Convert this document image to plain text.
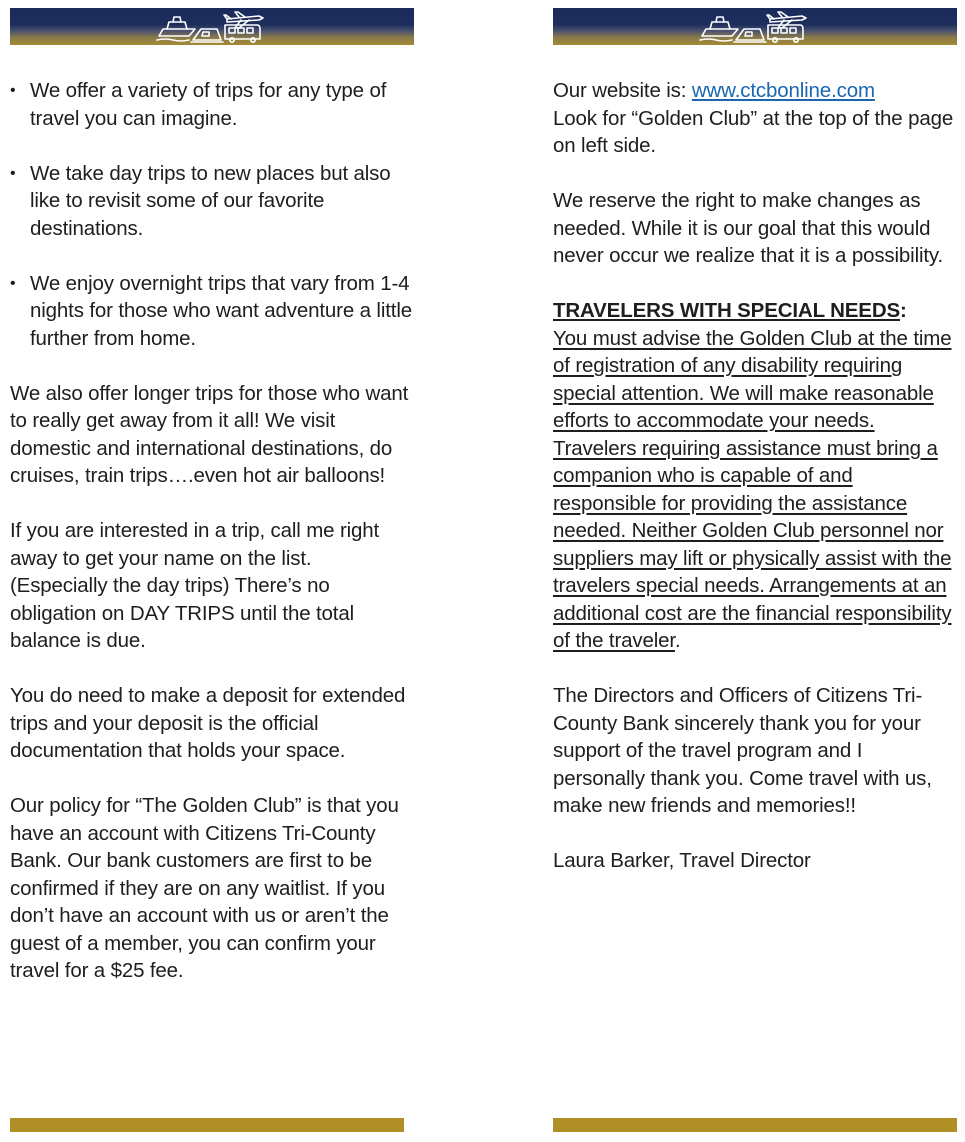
• We offer a variety of trips for any type of travel you can imagine.
• We take day trips to new places but also like to revisit some of our favorite destinations.
• We enjoy overnight trips that vary from 1-4 nights for those who want adventure a little further from home.

We also offer longer trips for those who want to really get away from it all! We visit domestic and international destinations, do cruises, train trips….even hot air balloons!

If you are interested in a trip, call me right away to get your name on the list. (Especially the day trips) There’s no obligation on DAY TRIPS until the total balance is due.

You do need to make a deposit for extended trips and your deposit is the official documentation that holds your space.

Our policy for “The Golden Club” is that you have an account with Citizens Tri-County Bank. Our bank customers are first to be confirmed if they are on any waitlist. If you don’t have an account with us or aren’t the guest of a member, you can confirm your travel for a $25 fee.

Our website is: www.ctcbonline.com
Look for “Golden Club” at the top of the page on left side.

We reserve the right to make changes as needed. While it is our goal that this would never occur we realize that it is a possibility.

TRAVELERS WITH SPECIAL NEEDS:
You must advise the Golden Club at the time of registration of any disability requiring special attention. We will make reasonable efforts to accommodate your needs. Travelers requiring assistance must bring a companion who is capable of and responsible for providing the assistance needed. Neither Golden Club personnel nor suppliers may lift or physically assist with the travelers special needs. Arrangements at an additional cost are the financial responsibility of the traveler.

The Directors and Officers of Citizens Tri-County Bank sincerely thank you for your support of the travel program and I personally thank you. Come travel with us, make new friends and memories!!

Laura Barker, Travel Director
